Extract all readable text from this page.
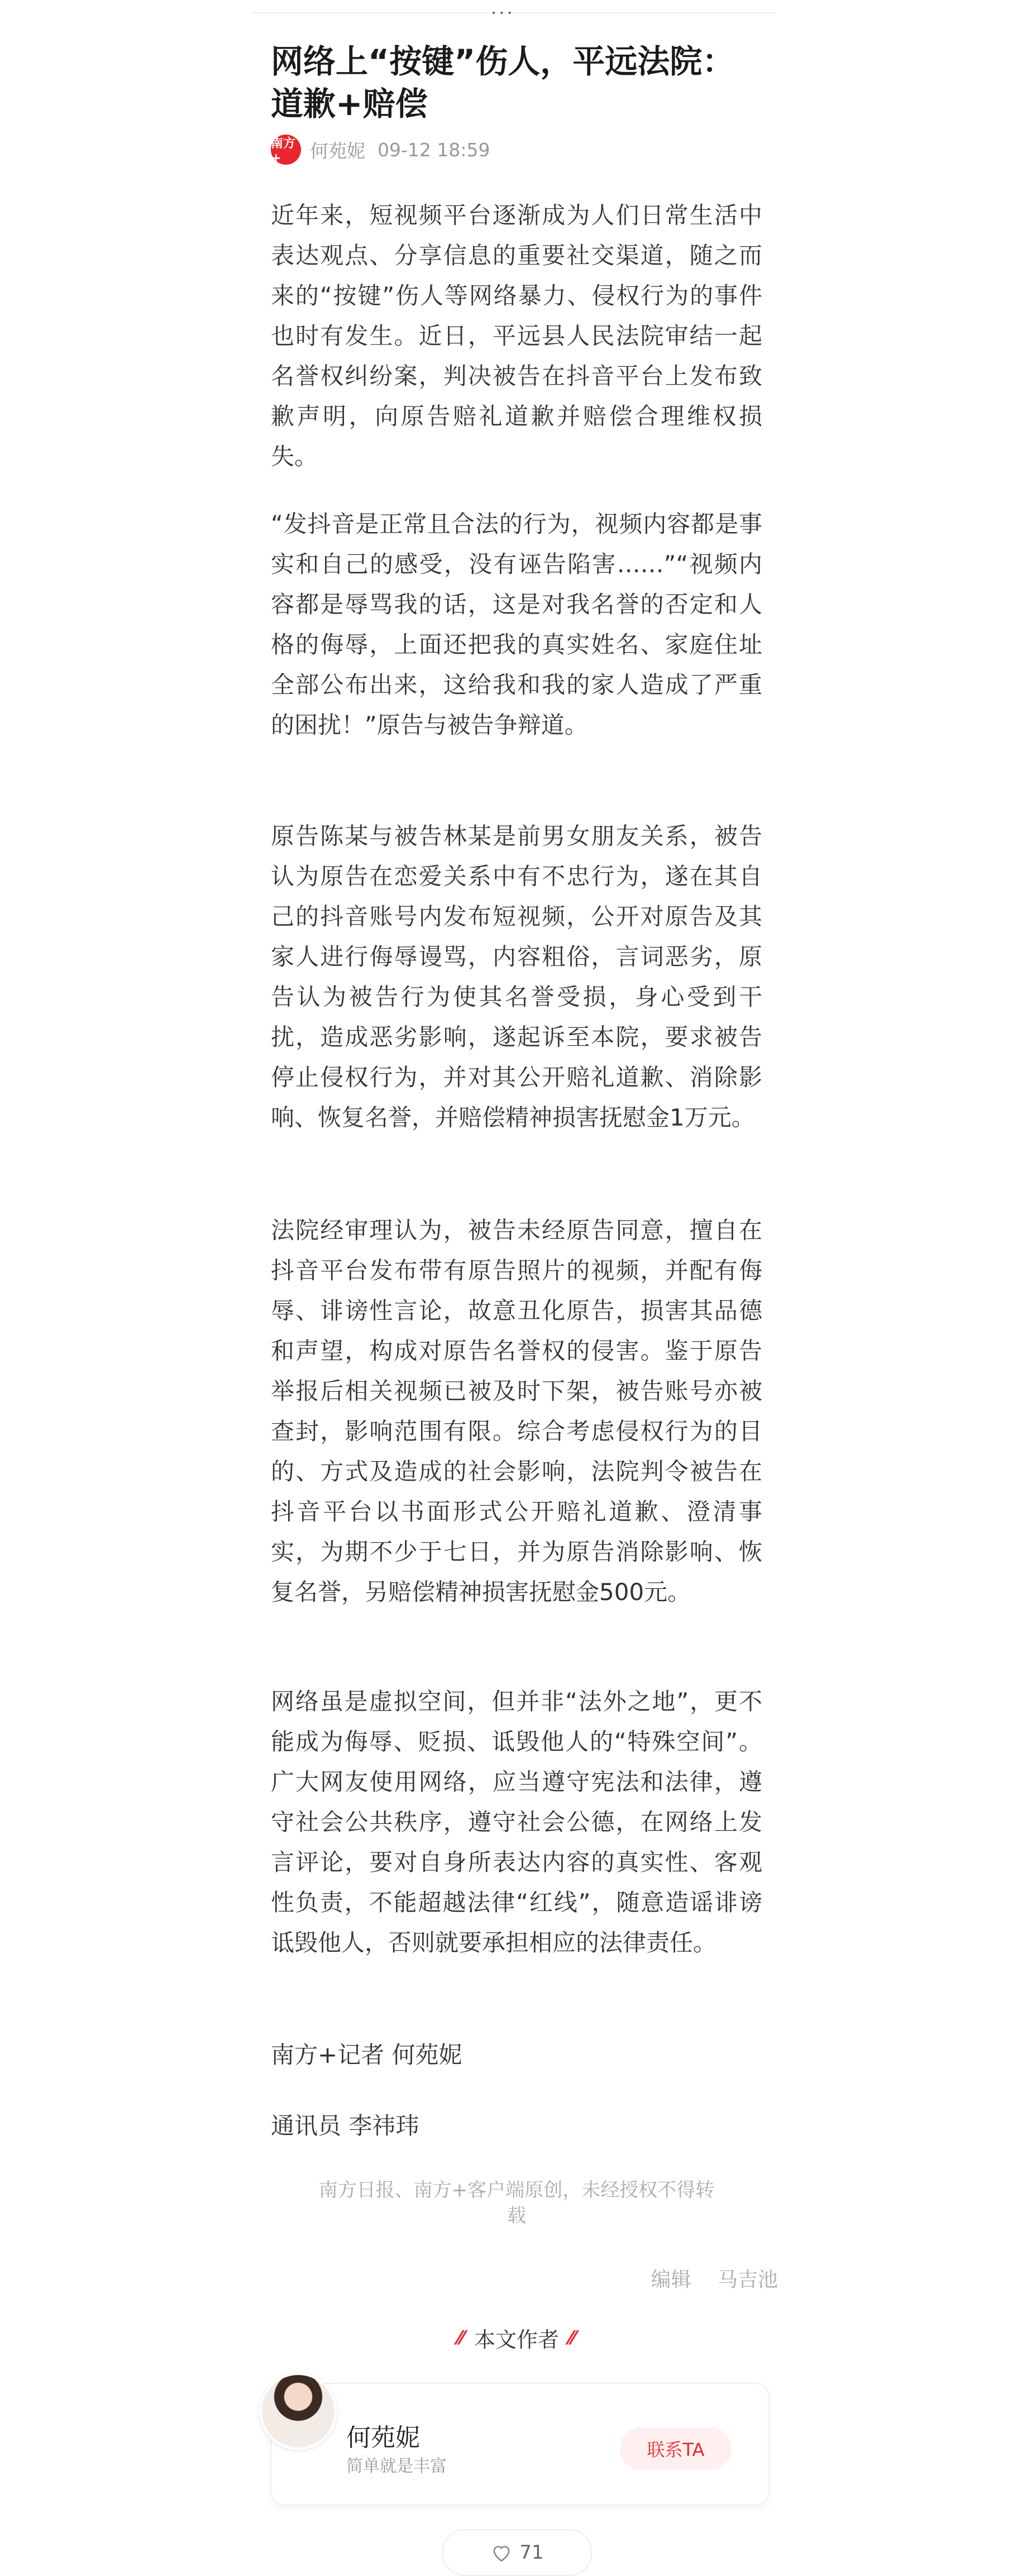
•••
网络上“按键”伤人，平远法院：道歉+赔偿
南方+	何苑妮 09-12 18:59

近年来，短视频平台逐渐成为人们日常生活中表达观点、分享信息的重要社交渠道，随之而来的“按键”伤人等网络暴力、侵权行为的事件也时有发生。近日，平远县人民法院审结一起名誉权纠纷案，判决被告在抖音平台上发布致歉声明，向原告赔礼道歉并赔偿合理维权损失。

“发抖音是正常且合法的行为，视频内容都是事实和自己的感受，没有诬告陷害……”“视频内容都是辱骂我的话，这是对我名誉的否定和人格的侮辱，上面还把我的真实姓名、家庭住址全部公布出来，这给我和我的家人造成了严重的困扰！”原告与被告争辩道。

原告陈某与被告林某是前男女朋友关系，被告认为原告在恋爱关系中有不忠行为，遂在其自己的抖音账号内发布短视频，公开对原告及其家人进行侮辱谩骂，内容粗俗，言词恶劣，原告认为被告行为使其名誉受损，身心受到干扰，造成恶劣影响，遂起诉至本院，要求被告停止侵权行为，并对其公开赔礼道歉、消除影响、恢复名誉，并赔偿精神损害抚慰金1万元。

法院经审理认为，被告未经原告同意，擅自在抖音平台发布带有原告照片的视频，并配有侮辱、诽谤性言论，故意丑化原告，损害其品德和声望，构成对原告名誉权的侵害。鉴于原告举报后相关视频已被及时下架，被告账号亦被查封，影响范围有限。综合考虑侵权行为的目的、方式及造成的社会影响，法院判令被告在抖音平台以书面形式公开赔礼道歉、澄清事实，为期不少于七日，并为原告消除影响、恢复名誉，另赔偿精神损害抚慰金500元。

网络虽是虚拟空间，但并非“法外之地”，更不能成为侮辱、贬损、诋毁他人的“特殊空间”。广大网友使用网络，应当遵守宪法和法律，遵守社会公共秩序，遵守社会公德，在网络上发言评论，要对自身所表达内容的真实性、客观性负责，不能超越法律“红线”，随意造谣诽谤诋毁他人，否则就要承担相应的法律责任。

南方+记者 何苑妮

通讯员 李祎玮

南方日报、南方+客户端原创，未经授权不得转载
编辑 马吉池
⁄⁄ 本文作者 ⁄⁄
何苑妮
简单就是丰富
联系TA
71
